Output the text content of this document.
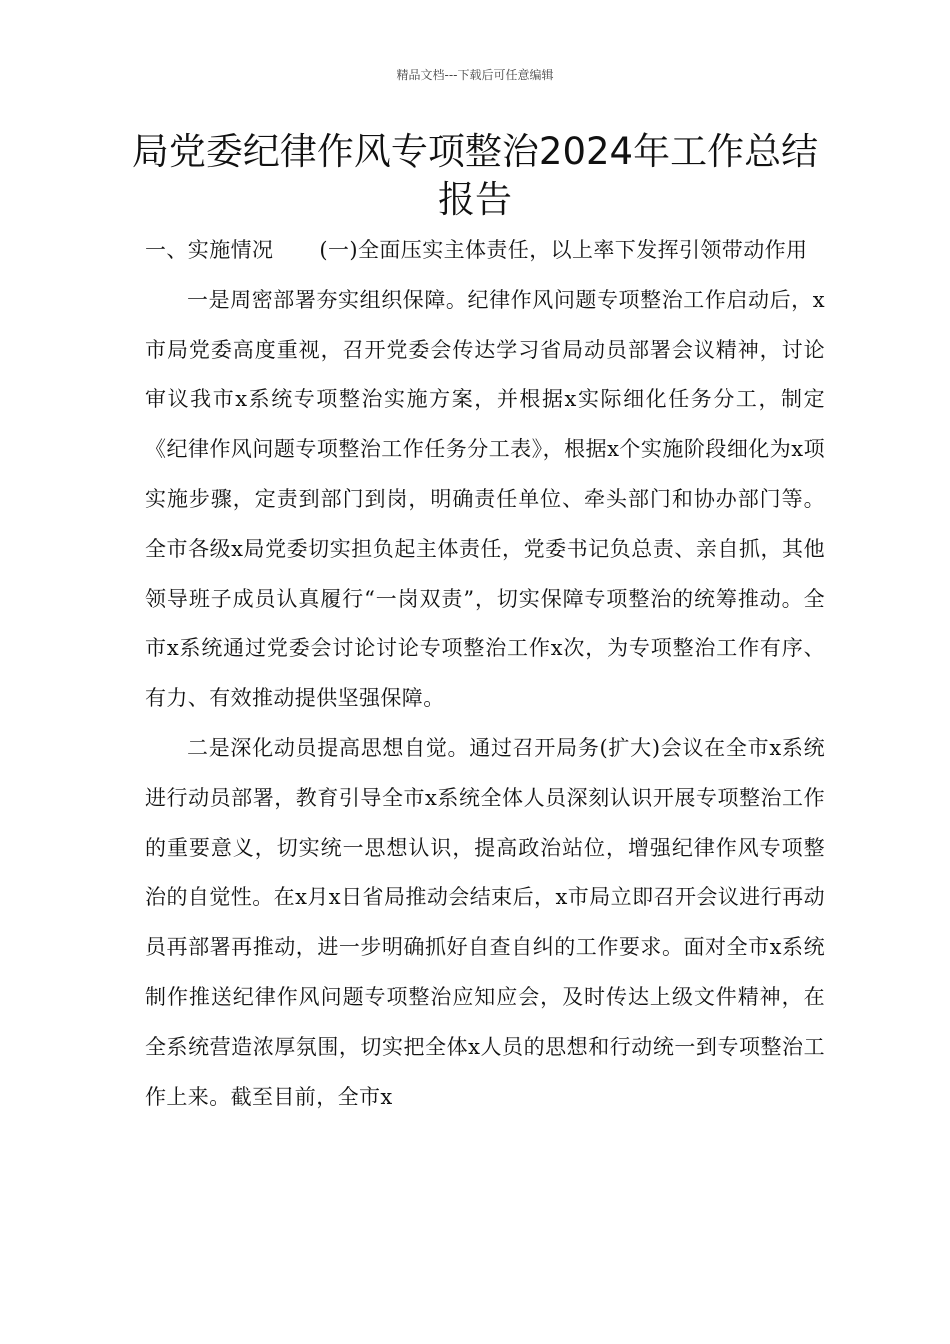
精品文档---下载后可任意编辑
局党委纪律作风专项整治2024年工作总结报告

一、实施情况 (一)全面压实主体责任，以上率下发挥引领带动作用

一是周密部署夯实组织保障。纪律作风问题专项整治工作启动后，x市局党委高度重视，召开党委会传达学习省局动员部署会议精神，讨论审议我市x系统专项整治实施方案，并根据x实际细化任务分工，制定《纪律作风问题专项整治工作任务分工表》，根据x个实施阶段细化为x项实施步骤，定责到部门到岗，明确责任单位、牵头部门和协办部门等。全市各级x局党委切实担负起主体责任，党委书记负总责、亲自抓，其他领导班子成员认真履行“一岗双责”，切实保障专项整治的统筹推动。全市x系统通过党委会讨论讨论专项整治工作x次，为专项整治工作有序、有力、有效推动提供坚强保障。

二是深化动员提高思想自觉。通过召开局务(扩大)会议在全市x系统进行动员部署，教育引导全市x系统全体人员深刻认识开展专项整治工作的重要意义，切实统一思想认识，提高政治站位，增强纪律作风专项整治的自觉性。在x月x日省局推动会结束后，x市局立即召开会议进行再动员再部署再推动，进一步明确抓好自查自纠的工作要求。面对全市x系统制作推送纪律作风问题专项整治应知应会，及时传达上级文件精神，在全系统营造浓厚氛围，切实把全体x人员的思想和行动统一到专项整治工作上来。截至目前，全市x
